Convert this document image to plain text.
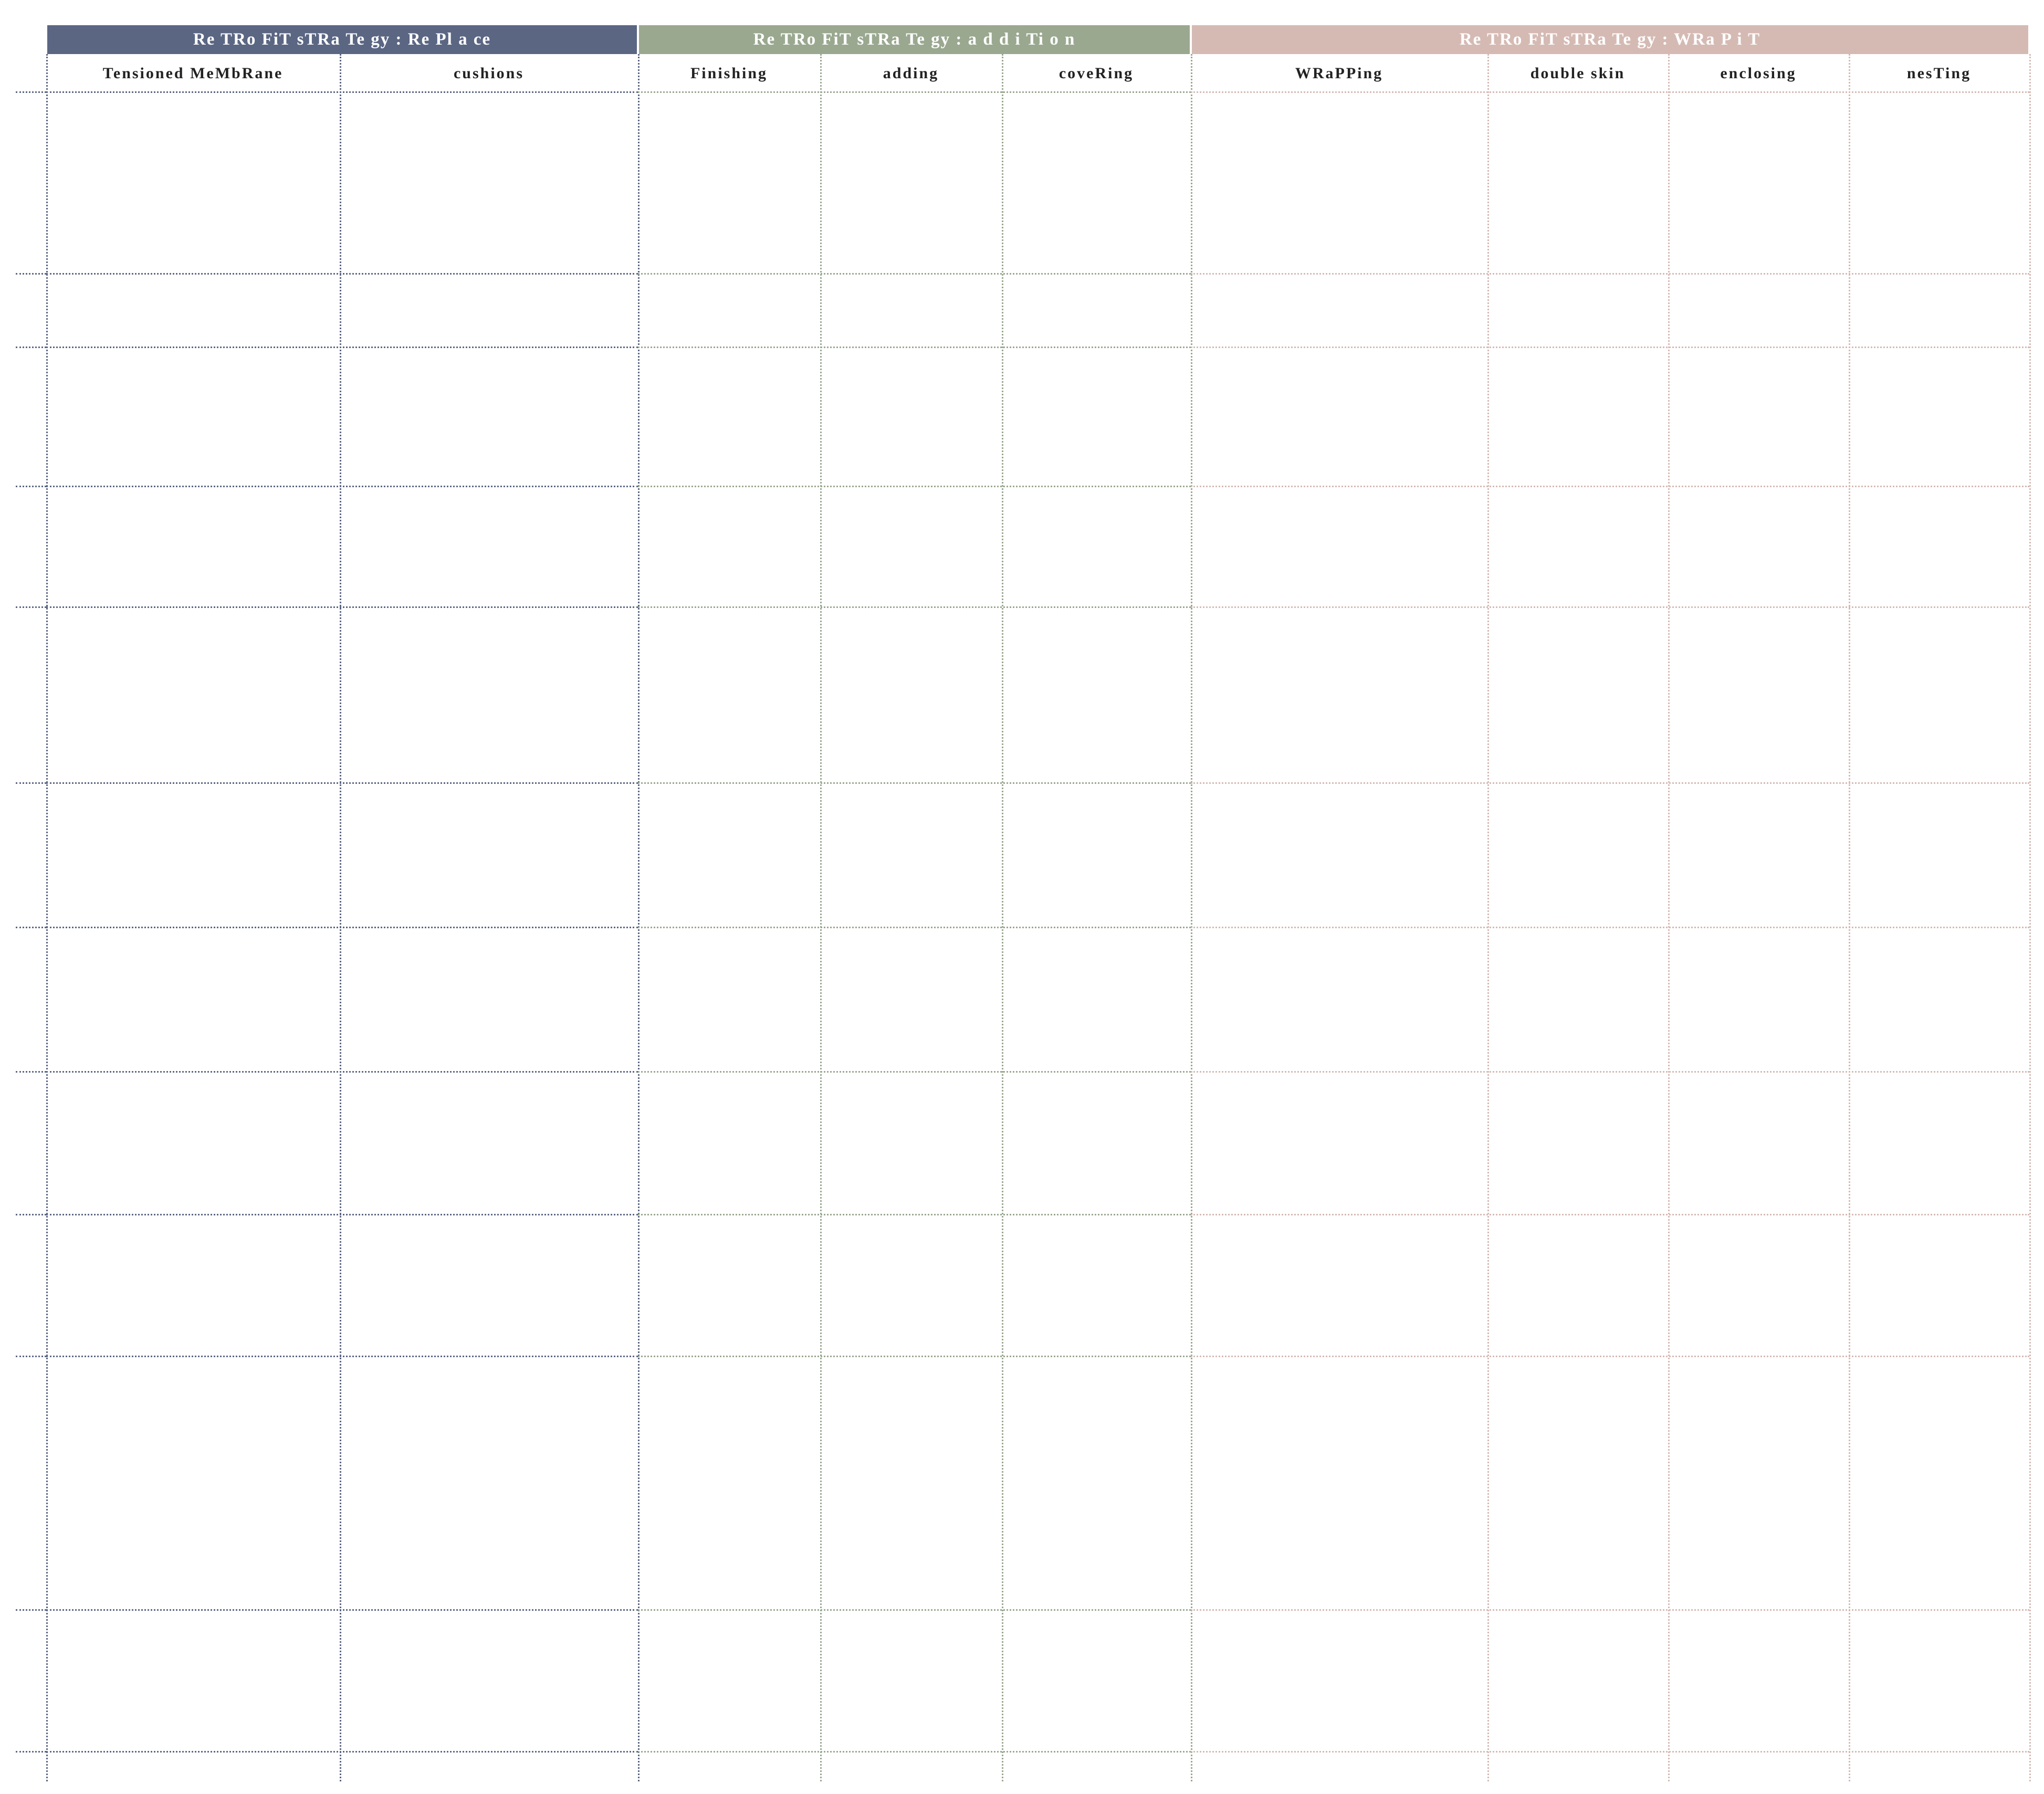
Re TRo FiT sTRa Te gy : Re Pl a ce	Re TRo FiT sTRa Te gy : a d d i Ti o n	Re TRo FiT sTRa Te gy : WRa P i T
Tensioned MeMbRane	cushions	Finishing	adding	coveRing	WRaPPing	double skin	enclosing	nesTing
